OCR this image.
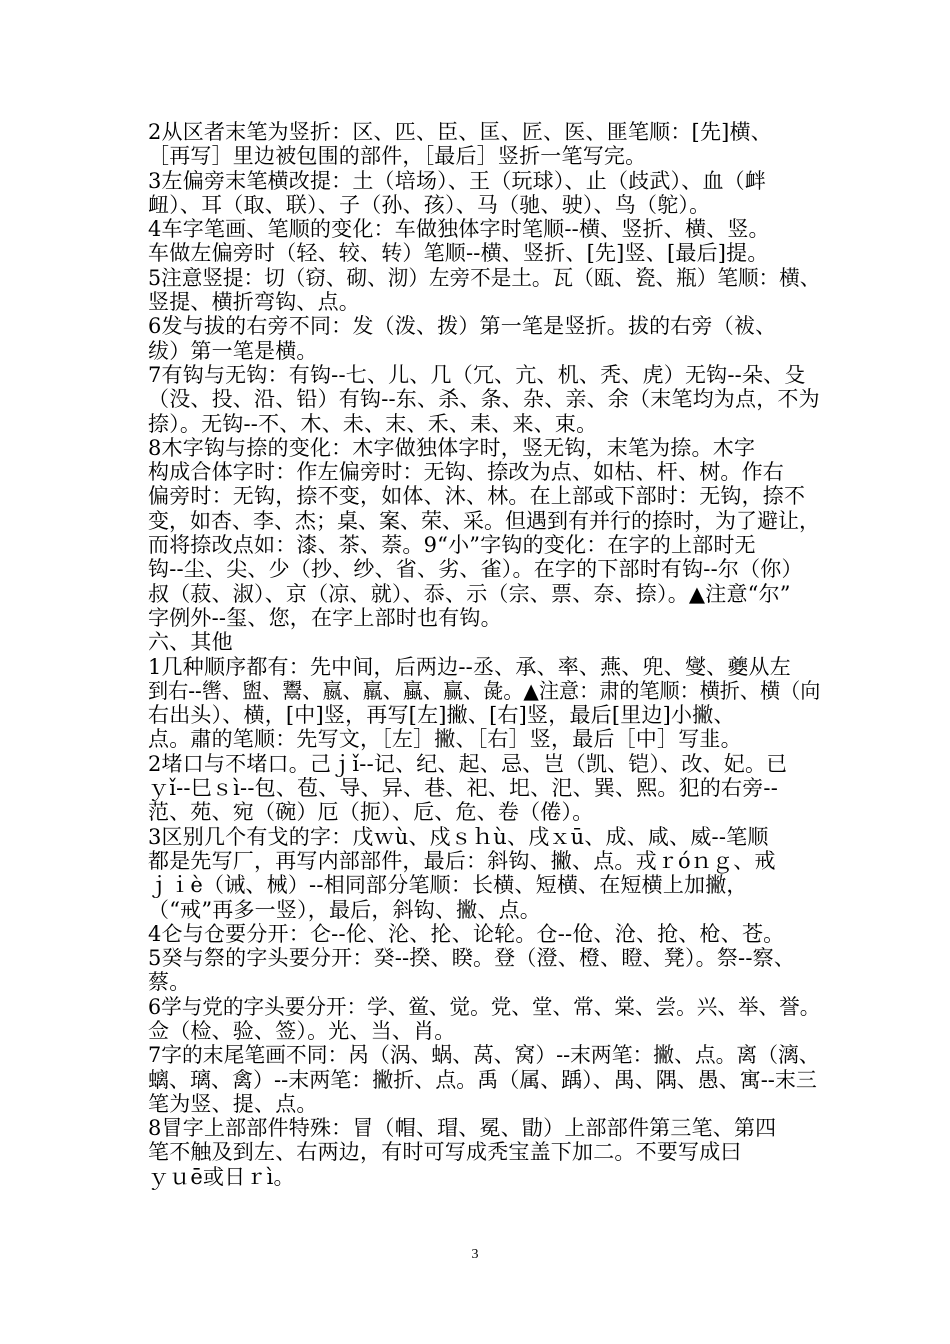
2从区者末笔为竖折：区、匹、臣、匡、匠、医、匪笔顺：[先]横、
［再写］里边被包围的部件，［最后］竖折一笔写完。
3左偏旁末笔横改提：土（培场）、王（玩球）、止（歧武）、血（衅
衄）、耳（取、联）、子（孙、孩）、马（驰、驶）、鸟（鸵）。
4车字笔画、笔顺的变化：车做独体字时笔顺--横、竖折、横、竖。
车做左偏旁时（轻、较、转）笔顺--横、竖折、[先]竖、[最后]提。
5注意竖提：切（窃、砌、沏）左旁不是土。瓦（瓯、瓷、瓶）笔顺：横、
竖提、横折弯钩、点。
6发与拔的右旁不同：发（泼、拨）第一笔是竖折。拔的右旁（袚、
绂）第一笔是横。
7有钩与无钩：有钩--七、儿、几（冗、亢、机、秃、虎）无钩--朵、殳
（没、投、沿、铅）有钩--东、杀、条、杂、亲、余（末笔均为点，不为
捺）。无钩--不、木、未、末、禾、耒、来、束。
8木字钩与捺的变化：木字做独体字时，竖无钩，末笔为捺。木字
构成合体字时：作左偏旁时：无钩、捺改为点、如枯、杆、树。作右
偏旁时：无钩，捺不变，如体、沐、林。在上部或下部时：无钩，捺不
变，如杏、李、杰；桌、案、荣、采。但遇到有并行的捺时，为了避让，
而将捺改点如：漆、茶、萘。9“小”字钩的变化：在字的上部时无
钩--尘、尖、少（抄、纱、省、劣、雀）。在字的下部时有钩--尔（你）
叔（菽、淑）、京（凉、就）、忝、示（宗、票、奈、捺）。▲注意“尔”
字例外--玺、您，在字上部时也有钩。
六、其他
1几种顺序都有：先中间，后两边--丞、承、率、燕、兜、燮、夔从左
到右--辔、盥、鬻、嬴、羸、蠃、赢、彘。▲注意：肃的笔顺：横折、横（向
右出头）、横，[中]竖，再写[左]撇、[右]竖，最后[里边]小撇、
点。肅的笔顺：先写文，［左］撇、［右］竖，最后［中］写韭。
2堵口与不堵口。己ｊǐ--记、纪、起、忌、岂（凯、铠）、改、妃。已
ｙǐ--巳ｓì--包、苞、导、异、巷、祀、圯、汜、巽、熙。犯的右旁--
范、苑、宛（碗）厄（扼）、卮、危、卷（倦）。
3区别几个有戈的字：戊ｗù、戍ｓｈù、戌ｘū、成、咸、威--笔顺
都是先写厂，再写内部部件，最后：斜钩、撇、点。戎ｒóｎｇ、戒
ｊｉè（诫、械）--相同部分笔顺：长横、短横、在短横上加撇，
（“戒”再多一竖），最后，斜钩、撇、点。
4仑与仓要分开：仑--伦、沦、抡、论轮。仓--伧、沧、抢、枪、苍。
5癸与祭的字头要分开：癸--揆、睽。登（澄、橙、瞪、凳）。祭--察、
蔡。
6学与党的字头要分开：学、鲎、觉。党、堂、常、棠、尝。兴、举、誉。
佥（检、验、签）。光、当、肖。
7字的末尾笔画不同：呙（涡、蜗、莴、窝）--末两笔：撇、点。离（漓、
螭、璃、禽）--末两笔：撇折、点。禹（属、踽）、禺、隅、愚、寓--末三
笔为竖、提、点。
8冒字上部部件特殊：冒（帽、瑁、冕、勖）上部部件第三笔、第四
笔不触及到左、右两边，有时可写成秃宝盖下加二。不要写成曰
ｙｕē或日ｒì。
3
